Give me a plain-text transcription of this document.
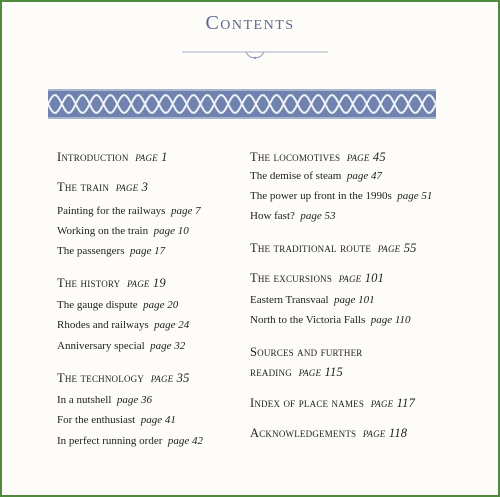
Contents
Introduction page 1
The train page 3
Painting for the railways page 7
Working on the train page 10
The passengers page 17
The history page 19
The gauge dispute page 20
Rhodes and railways page 24
Anniversary special page 32
The technology page 35
In a nutshell page 36
For the enthusiast page 41
In perfect running order page 42
The locomotives page 45
The demise of steam page 47
The power up front in the 1990s page 51
How fast? page 53
The traditional route page 55
The excursions page 101
Eastern Transvaal page 101
North to the Victoria Falls page 110
Sources and further
reading page 115
Index of place names page 117
Acknowledgements page 118
